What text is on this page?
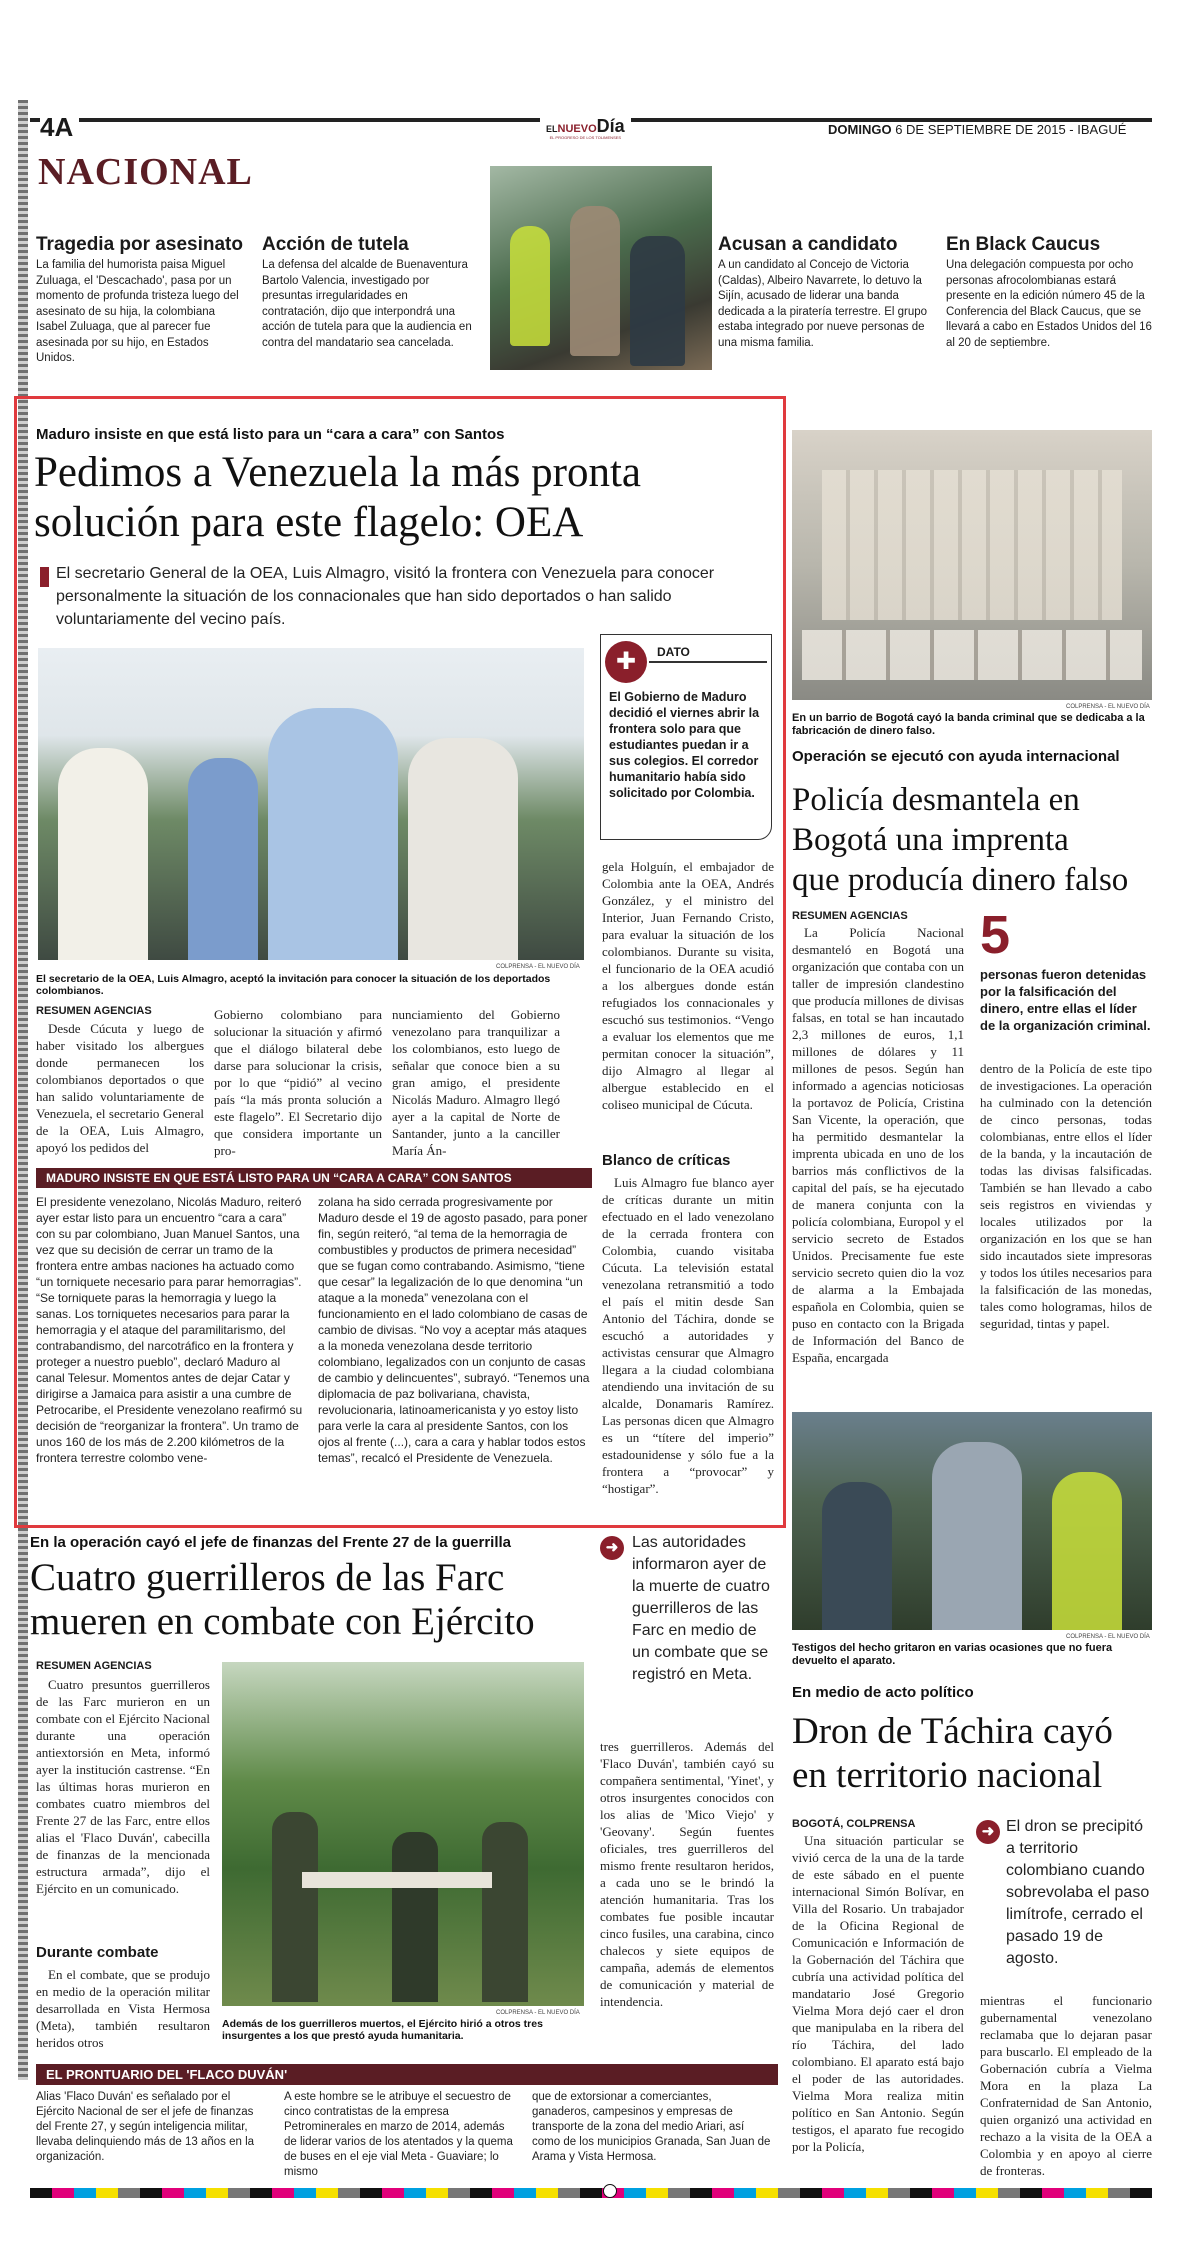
4A	ELNUEVODía
EL PROGRESO DE LOS TOLIMENSES
DOMINGO 6 DE SEPTIEMBRE DE 2015 - IBAGUÉ
NACIONAL
Tragedia por asesinato
La familia del humorista paisa Miguel Zuluaga, el 'Descachado', pasa por un momento de profunda tristeza luego del asesinato de su hija, la colombiana Isabel Zuluaga, que al parecer fue asesinada por su hijo, en Estados Unidos.
Acción de tutela
La defensa del alcalde de Buenaventura Bartolo Valencia, investigado por presuntas irregularidades en contratación, dijo que interpondrá una acción de tutela para que la audiencia en contra del mandatario sea cancelada.
Acusan a candidato
A un candidato al Concejo de Victoria (Caldas), Albeiro Navarrete, lo detuvo la Sijín, acusado de liderar una banda dedicada a la piratería terrestre. El grupo estaba integrado por nueve personas de una misma familia.
En Black Caucus
Una delegación compuesta por ocho personas afrocolombianas estará presente en la edición número 45 de la Conferencia del Black Caucus, que se llevará a cabo en Estados Unidos del 16 al 20 de septiembre.
Maduro insiste en que está listo para un “cara a cara” con Santos
Pedimos a Venezuela la más pronta
solución para este flagelo: OEA
El secretario General de la OEA, Luis Almagro, visitó la frontera con Venezuela para conocer personalmente la situación de los connacionales que han sido deportados o han salido voluntariamente del vecino país.
COLPRENSA - EL NUEVO DÍA
El secretario de la OEA, Luis Almagro, aceptó la invitación para conocer la situación de los deportados colombianos.
✚ DATO
El Gobierno de Maduro decidió el viernes abrir la frontera solo para que estudiantes puedan ir a sus colegios. El corredor humanitario había sido solicitado por Colombia.
RESUMEN AGENCIAS
Desde Cúcuta y luego de haber visitado los albergues donde permanecen los colombianos deportados o que han salido voluntariamente de Venezuela, el secretario General de la OEA, Luis Almagro, apoyó los pedidos del
Gobierno colombiano para solucionar la situación y afirmó que el diálogo bilateral debe darse para solucionar la crisis, por lo que “pidió” al vecino país “la más pronta solución a este flagelo”. El Secretario dijo que considera importante un pro-
nunciamiento del Gobierno venezolano para tranquilizar a los colombianos, esto luego de señalar que conoce bien a su gran amigo, el presidente Nicolás Maduro. Almagro llegó ayer a la capital de Norte de Santander, junto a la canciller María Án-
gela Holguín, el embajador de Colombia ante la OEA, Andrés González, y el ministro del Interior, Juan Fernando Cristo, para evaluar la situación de los colombianos. Durante su visita, el funcionario de la OEA acudió a los albergues donde están refugiados los connacionales y escuchó sus testimonios. “Vengo a evaluar los elementos que me permitan conocer la situación”, dijo Almagro al llegar al albergue establecido en el coliseo municipal de Cúcuta.
Blanco de críticas
Luis Almagro fue blanco ayer de críticas durante un mitin efectuado en el lado venezolano de la cerrada frontera con Colombia, cuando visitaba Cúcuta. La televisión estatal venezolana retransmitió a todo el país el mitin desde San Antonio del Táchira, donde se escuchó a autoridades y activistas censurar que Almagro llegara a la ciudad colombiana atendiendo una invitación de su alcalde, Donamaris Ramírez. Las personas dicen que Almagro es un “títere del imperio” estadounidense y sólo fue a la frontera a “provocar” y “hostigar”.
MADURO INSISTE EN QUE ESTÁ LISTO PARA UN “CARA A CARA” CON SANTOS
El presidente venezolano, Nicolás Maduro, reiteró ayer estar listo para un encuentro “cara a cara” con su par colombiano, Juan Manuel Santos, una vez que su decisión de cerrar un tramo de la frontera entre ambas naciones ha actuado como “un torniquete necesario para parar hemorragias”. “Se torniquete paras la hemorragia y luego la sanas. Los torniquetes necesarios para parar la hemorragia y el ataque del paramilitarismo, del contrabandismo, del narcotráfico en la frontera y proteger a nuestro pueblo”, declaró Maduro al canal Telesur. Momentos antes de dejar Catar y dirigirse a Jamaica para asistir a una cumbre de Petrocaribe, el Presidente venezolano reafirmó su decisión de “reorganizar la frontera”. Un tramo de unos 160 de los más de 2.200 kilómetros de la frontera terrestre colombo vene-
zolana ha sido cerrada progresivamente por Maduro desde el 19 de agosto pasado, para poner fin, según reiteró, “al tema de la hemorragia de combustibles y productos de primera necesidad” que se fugan como contrabando. Asimismo, “tiene que cesar” la legalización de lo que denomina “un ataque a la moneda” venezolana con el funcionamiento en el lado colombiano de casas de cambio de divisas. “No voy a aceptar más ataques a la moneda venezolana desde territorio colombiano, legalizados con un conjunto de casas de cambio y delincuentes”, subrayó. “Tenemos una diplomacia de paz bolivariana, chavista, revolucionaria, latinoamericanista y yo estoy listo para verle la cara al presidente Santos, con los ojos al frente (...), cara a cara y hablar todos estos temas”, recalcó el Presidente de Venezuela.
COLPRENSA - EL NUEVO DÍA
En un barrio de Bogotá cayó la banda criminal que se dedicaba a la fabricación de dinero falso.
Operación se ejecutó con ayuda internacional
Policía desmantela en
Bogotá una imprenta
que producía dinero falso
RESUMEN AGENCIAS
La Policía Nacional desmanteló en Bogotá una organización que contaba con un taller de impresión clandestino que producía millones de divisas falsas, en total se han incautado 2,3 millones de euros, 1,1 millones de dólares y 11 millones de pesos. Según han informado a agencias noticiosas la portavoz de Policía, Cristina San Vicente, la operación, que ha permitido desmantelar la imprenta ubicada en uno de los barrios más conflictivos de la capital del país, se ha ejecutado de manera conjunta con la policía colombiana, Europol y el servicio secreto de Estados Unidos. Precisamente fue este servicio secreto quien dio la voz de alarma a la Embajada española en Colombia, quien se puso en contacto con la Brigada de Información del Banco de España, encargada
5
personas fueron detenidas por la falsificación del dinero, entre ellas el líder de la organización criminal.
dentro de la Policía de este tipo de investigaciones. La operación ha culminado con la detención de cinco personas, todas colombianas, entre ellos el líder de la banda, y la incautación de todas las divisas falsificadas. También se han llevado a cabo seis registros en viviendas y locales utilizados por la organización en los que se han sido incautados siete impresoras y todos los útiles necesarios para la falsificación de las monedas, tales como hologramas, hilos de seguridad, tintas y papel.
COLPRENSA - EL NUEVO DÍA
Testigos del hecho gritaron en varias ocasiones que no fuera devuelto el aparato.
En medio de acto político
Dron de Táchira cayó
en territorio nacional
BOGOTÁ, COLPRENSA
Una situación particular se vivió cerca de la una de la tarde de este sábado en el puente internacional Simón Bolívar, en Villa del Rosario. Un trabajador de la Oficina Regional de Comunicación e Información de la Gobernación del Táchira que cubría una actividad política del mandatario José Gregorio Vielma Mora dejó caer el dron que manipulaba en la ribera del río Táchira, del lado colombiano. El aparato está bajo el poder de las autoridades. Vielma Mora realiza mitin político en San Antonio. Según testigos, el aparato fue recogido por la Policía,
➜ El dron se precipitó a territorio colombiano cuando sobrevolaba el paso limítrofe, cerrado el pasado 19 de agosto.
mientras el funcionario gubernamental venezolano reclamaba que lo dejaran pasar para buscarlo. El empleado de la Gobernación cubría a Vielma Mora en la plaza La Confraternidad de San Antonio, quien organizó una actividad en rechazo a la visita de la OEA a Colombia y en apoyo al cierre de fronteras.
En la operación cayó el jefe de finanzas del Frente 27 de la guerrilla
Cuatro guerrilleros de las Farc
mueren en combate con Ejército
RESUMEN AGENCIAS
Cuatro presuntos guerrilleros de las Farc murieron en un combate con el Ejército Nacional durante una operación antiextorsión en Meta, informó ayer la institución castrense. “En las últimas horas murieron en combates cuatro miembros del Frente 27 de las Farc, entre ellos alias el 'Flaco Duván', cabecilla de finanzas de la mencionada estructura armada”, dijo el Ejército en un comunicado.
Durante combate
En el combate, que se produjo en medio de la operación militar desarrollada en Vista Hermosa (Meta), también resultaron heridos otros
COLPRENSA - EL NUEVO DÍA
Además de los guerrilleros muertos, el Ejército hirió a otros tres insurgentes a los que prestó ayuda humanitaria.
➜ Las autoridades informaron ayer de la muerte de cuatro guerrilleros de las Farc en medio de un combate que se registró en Meta.
tres guerrilleros. Además del 'Flaco Duván', también cayó su compañera sentimental, 'Yinet', y otros insurgentes conocidos con los alias de 'Mico Viejo' y 'Geovany'. Según fuentes oficiales, tres guerrilleros del mismo frente resultaron heridos, a cada uno se le brindó la atención humanitaria. Tras los combates fue posible incautar cinco fusiles, una carabina, cinco chalecos y siete equipos de campaña, además de elementos de comunicación y material de intendencia.
EL PRONTUARIO DEL 'FLACO DUVÁN'
Alias 'Flaco Duván' es señalado por el Ejército Nacional de ser el jefe de finanzas del Frente 27, y según inteligencia militar, llevaba delinquiendo más de 13 años en la organización.
A este hombre se le atribuye el secuestro de cinco contratistas de la empresa Petrominerales en marzo de 2014, además de liderar varios de los atentados y la quema de buses en el eje vial Meta - Guaviare; lo mismo
que de extorsionar a comerciantes, ganaderos, campesinos y empresas de transporte de la zona del medio Ariari, así como de los municipios Granada, San Juan de Arama y Vista Hermosa.
